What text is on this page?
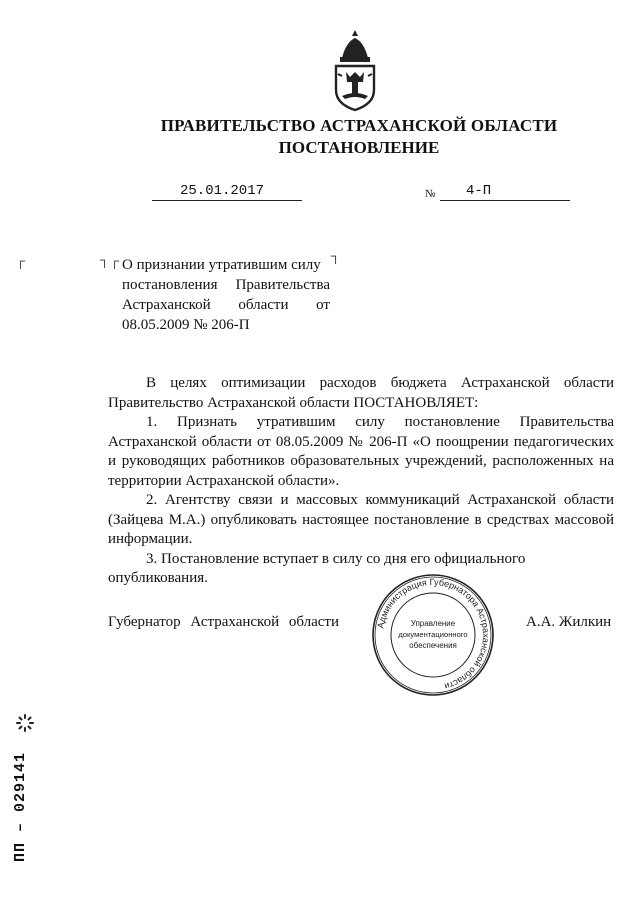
ПРАВИТЕЛЬСТВО АСТРАХАНСКОЙ ОБЛАСТИ
ПОСТАНОВЛЕНИЕ
25.01.2017	№ 4-П
┌	┐ ┌	┐
О признании утратившим силу
постановления Правительства
Астраханской области от
08.05.2009 № 206-П

В целях оптимизации расходов бюджета Астраханской области Правительство Астраханской области ПОСТАНОВЛЯЕТ:

1. Признать утратившим силу постановление Правительства Астраханской области от 08.05.2009 № 206-П «О поощрении педагогических и руководящих работников образовательных учреждений, расположенных на территории Астраханской области».

2. Агентству связи и массовых коммуникаций Астраханской области (Зайцева М.А.) опубликовать настоящее постановление в средствах массовой информации.

3. Постановление вступает в силу со дня его официального опубликования.

Губернатор Астраханской области	А.А. Жилкин
Администрация Губернатора Астраханской области
Управление
документационного
обеспечения
ПП – 029141
